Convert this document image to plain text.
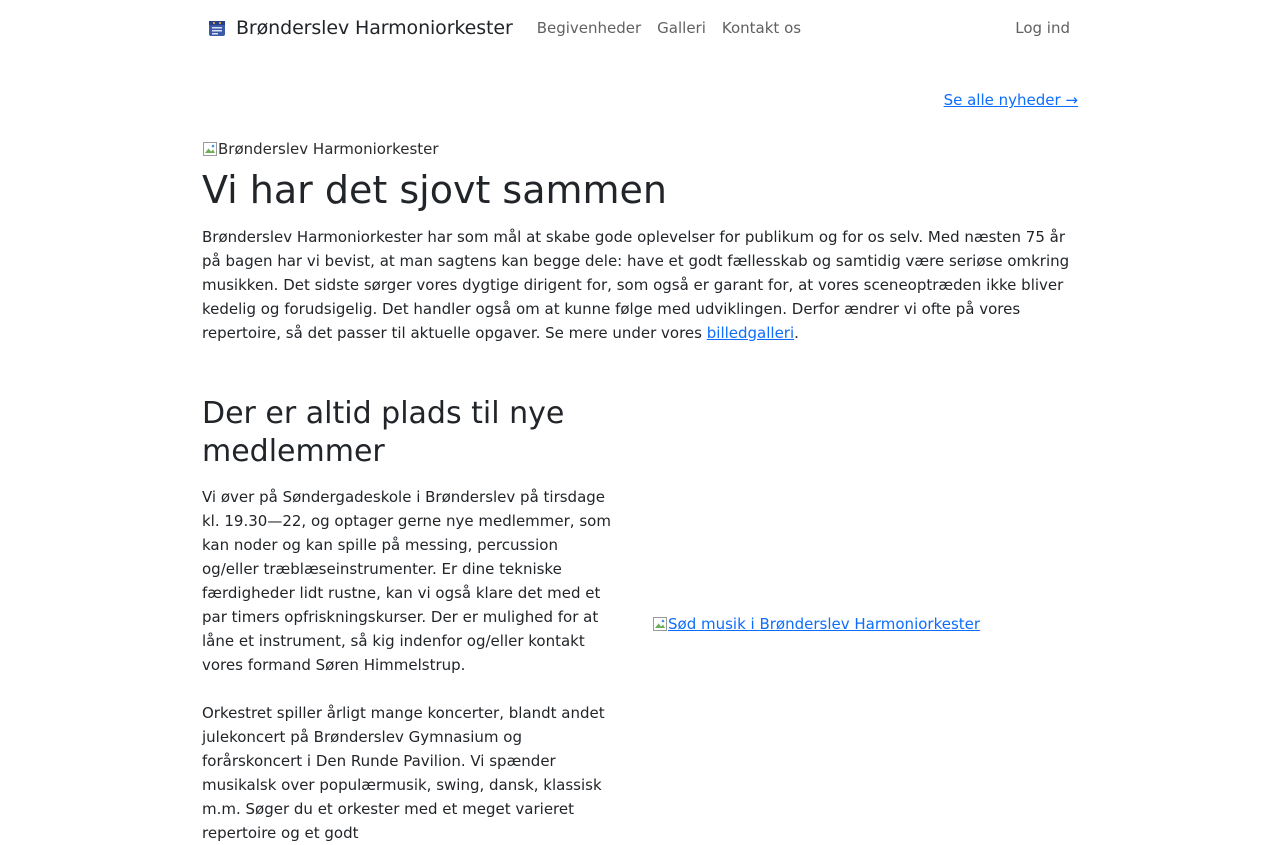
Brønderslev Harmoniorkester	Begivenheder	Galleri	Kontakt os	Log ind
Se alle nyheder →
Brønderslev Harmoniorkester
Vi har det sjovt sammen

Brønderslev Harmoniorkester har som mål at skabe gode oplevelser for publikum og for os selv. Med næsten 75 år på bagen har vi bevist, at man sagtens kan begge dele: have et godt fællesskab og samtidig være seriøse omkring musikken. Det sidste sørger vores dygtige dirigent for, som også er garant for, at vores sceneoptræden ikke bliver kedelig og forudsigelig. Det handler også om at kunne følge med udviklingen. Derfor ændrer vi ofte på vores repertoire, så det passer til aktuelle opgaver. Se mere under vores billedgalleri.

Der er altid plads til nye medlemmer

Vi øver på Søndergadeskole i Brønderslev på tirsdage kl. 19.30—22, og optager gerne nye medlemmer, som kan noder og kan spille på messing, percussion og/eller træblæseinstrumenter. Er dine tekniske færdigheder lidt rustne, kan vi også klare det med et par timers opfriskningskurser. Der er mulighed for at låne et instrument, så kig indenfor og/eller kontakt vores formand Søren Himmelstrup.

Orkestret spiller årligt mange koncerter, blandt andet julekoncert på Brønderslev Gymnasium og forårskoncert i Den Runde Pavilion. Vi spænder musikalsk over populærmusik, swing, dansk, klassisk m.m. Søger du et orkester med et meget varieret repertoire og et godt

Sød musik i Brønderslev Harmoniorkester
